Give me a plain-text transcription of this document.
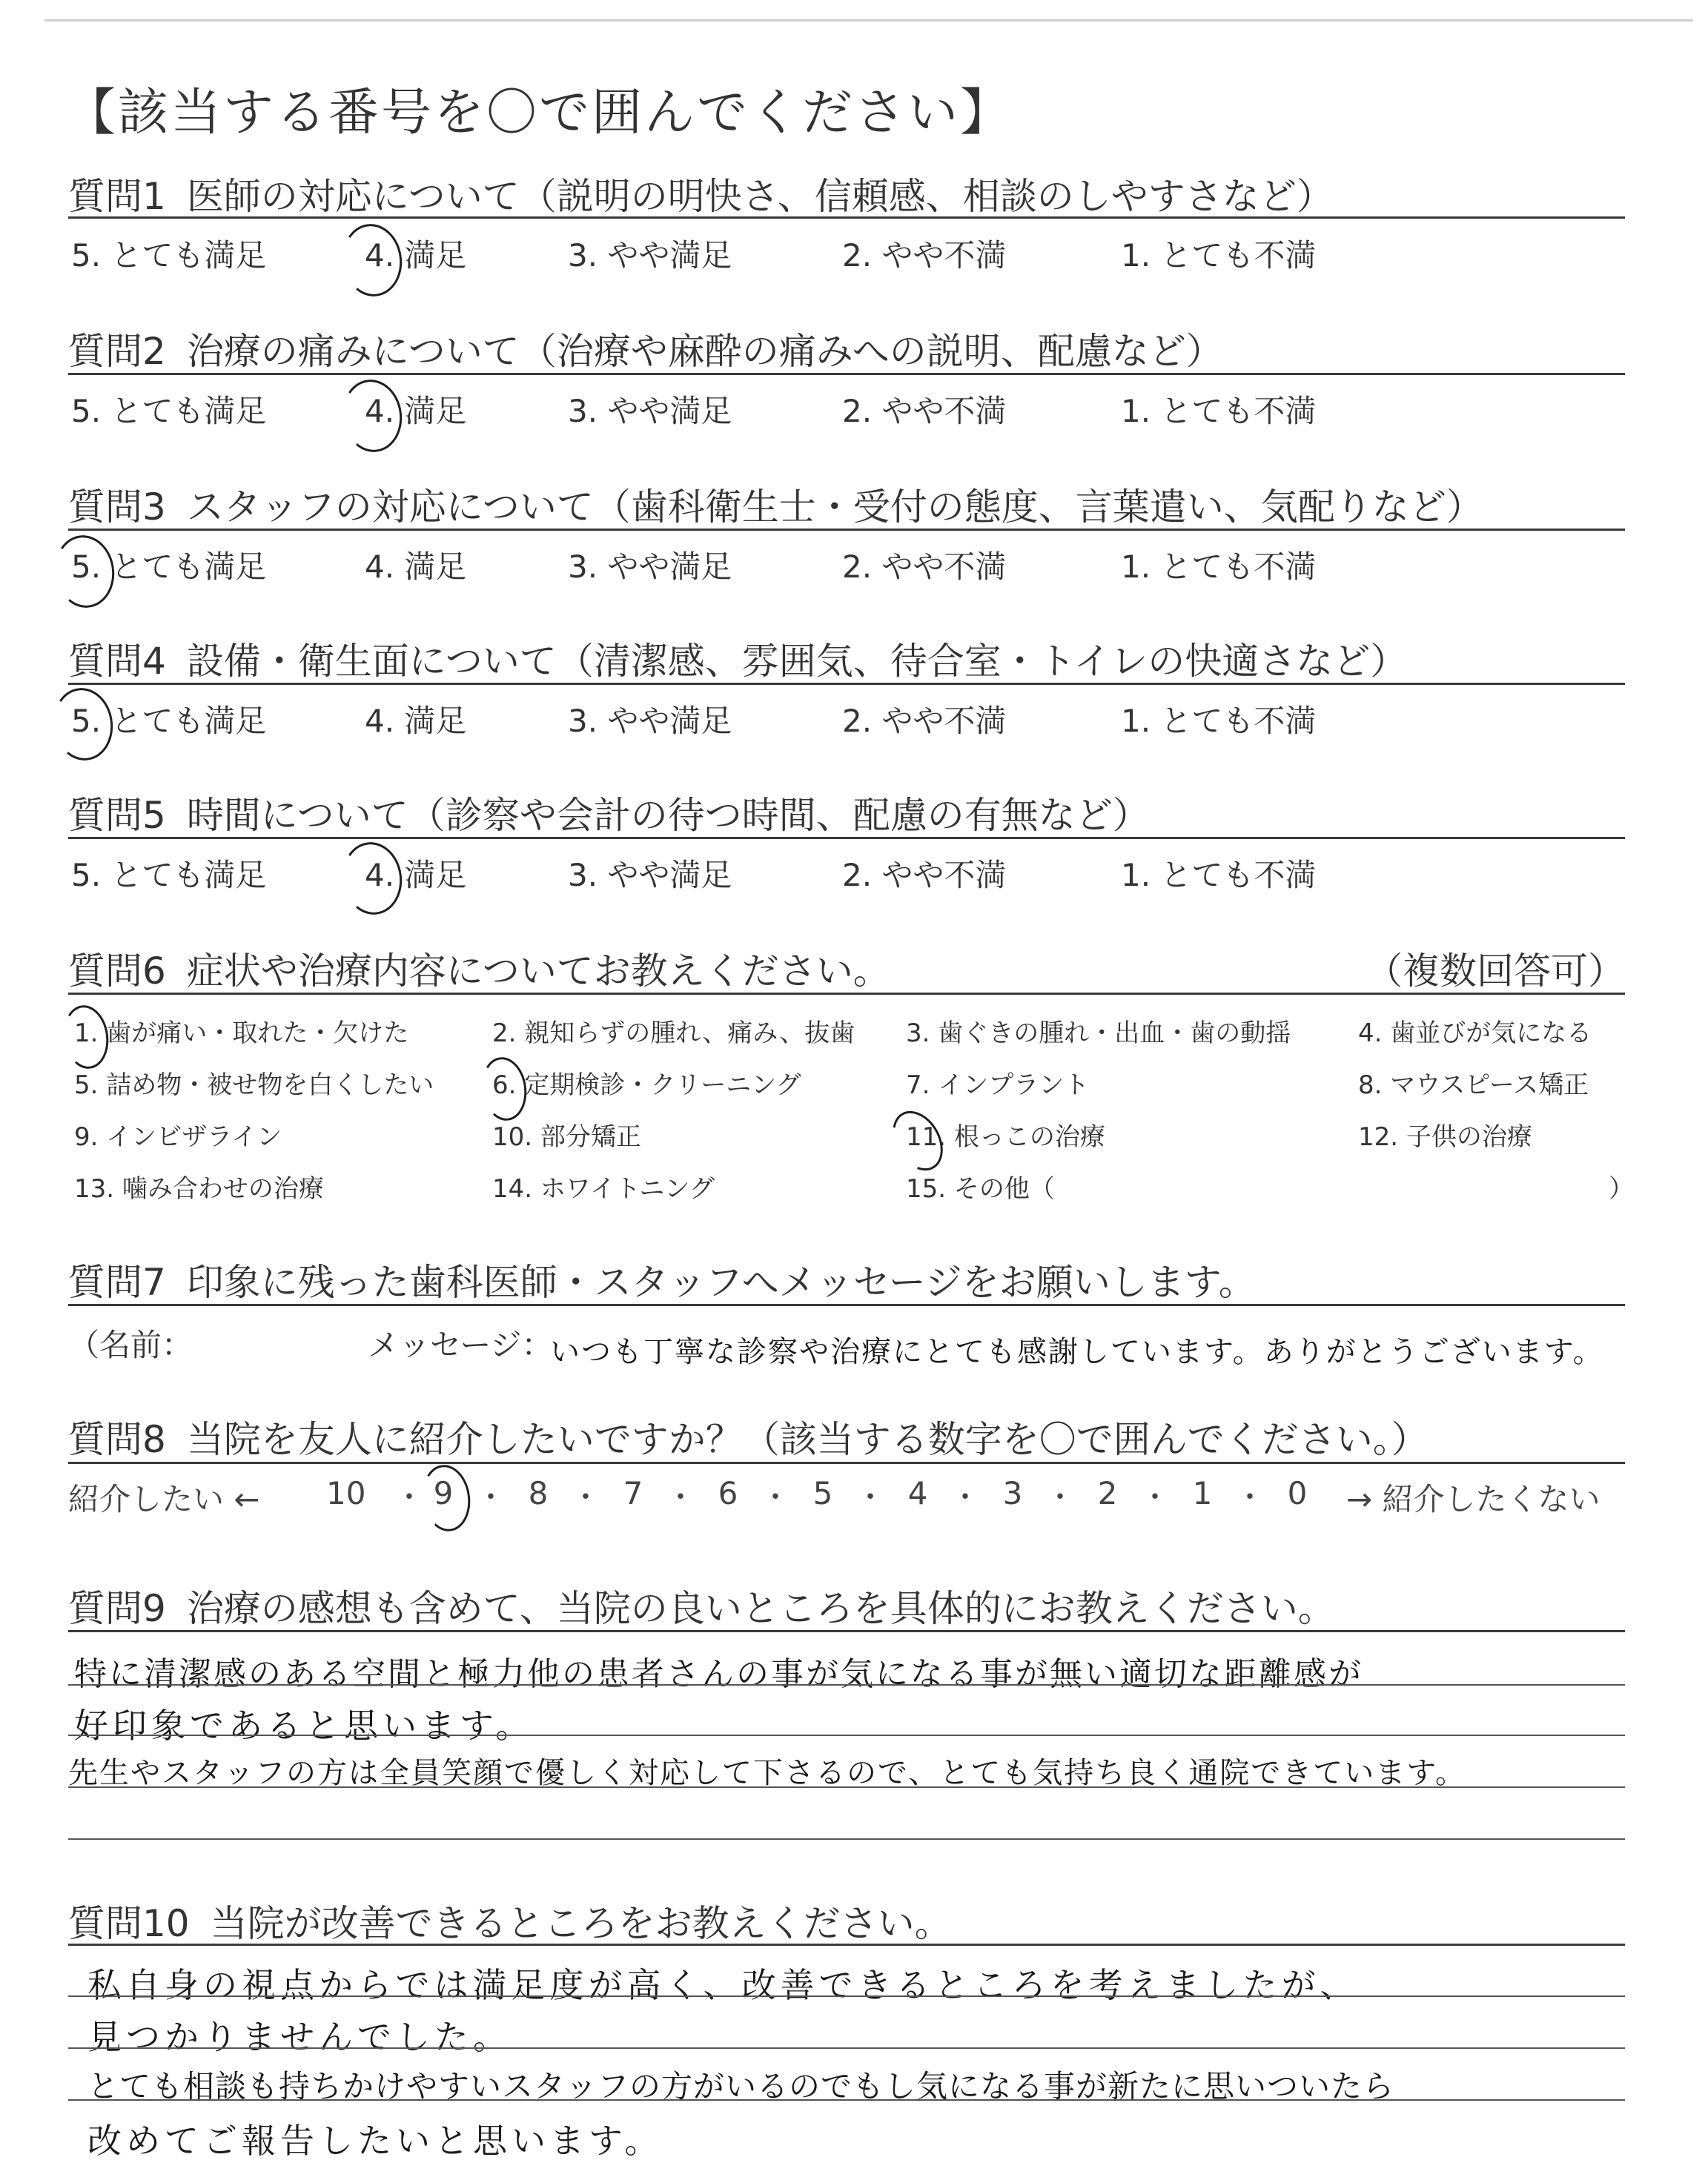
【該当する番号を〇で囲んでください】
質問1 医師の対応について（説明の明快さ、信頼感、相談のしやすさなど）
5. とても満足	4. 満足	3. やや満足	2. やや不満	1. とても不満
質問2 治療の痛みについて（治療や麻酔の痛みへの説明、配慮など）
5. とても満足	4. 満足	3. やや満足	2. やや不満	1. とても不満
質問3 スタッフの対応について（歯科衛生士・受付の態度、言葉遣い、気配りなど）
5. とても満足	4. 満足	3. やや満足	2. やや不満	1. とても不満
質問4 設備・衛生面について（清潔感、雰囲気、待合室・トイレの快適さなど）
5. とても満足	4. 満足	3. やや満足	2. やや不満	1. とても不満
質問5 時間について（診察や会計の待つ時間、配慮の有無など）
5. とても満足	4. 満足	3. やや満足	2. やや不満	1. とても不満
質問6 症状や治療内容についてお教えください。	（複数回答可）
1. 歯が痛い・取れた・欠けた	2. 親知らずの腫れ、痛み、抜歯 3. 歯ぐきの腫れ・出血・歯の動揺	4. 歯並びが気になる
5. 詰め物・被せ物を白くしたい 6. 定期検診・クリーニング	7. インプラント	8. マウスピース矯正
9. インビザライン	10. 部分矯正	11. 根っこの治療	12. 子供の治療
13. 噛み合わせの治療	14. ホワイトニング	15. その他（	）
質問7 印象に残った歯科医師・スタッフへメッセージをお願いします。
（名前：	メッセージ：
いつも丁寧な診察や治療にとても感謝しています。ありがとうございます。
質問8 当院を友人に紹介したいですか？（該当する数字を〇で囲んでください。）
紹介したい ← 10 9 8 7 6 5 4 3 2 1 0
・ ・ ・ ・ ・ ・ ・ ・ ・ ・	→ 紹介したくない
質問9 治療の感想も含めて、当院の良いところを具体的にお教えください。
特に清潔感のある空間と極力他の患者さんの事が気になる事が無い適切な距離感が
好印象であると思います。
先生やスタッフの方は全員笑顔で優しく対応して下さるので、とても気持ち良く通院できています。
質問10 当院が改善できるところをお教えください。
私自身の視点からでは満足度が高く、改善できるところを考えましたが、
見つかりませんでした。
とても相談も持ちかけやすいスタッフの方がいるのでもし気になる事が新たに思いついたら
改めてご報告したいと思います。
